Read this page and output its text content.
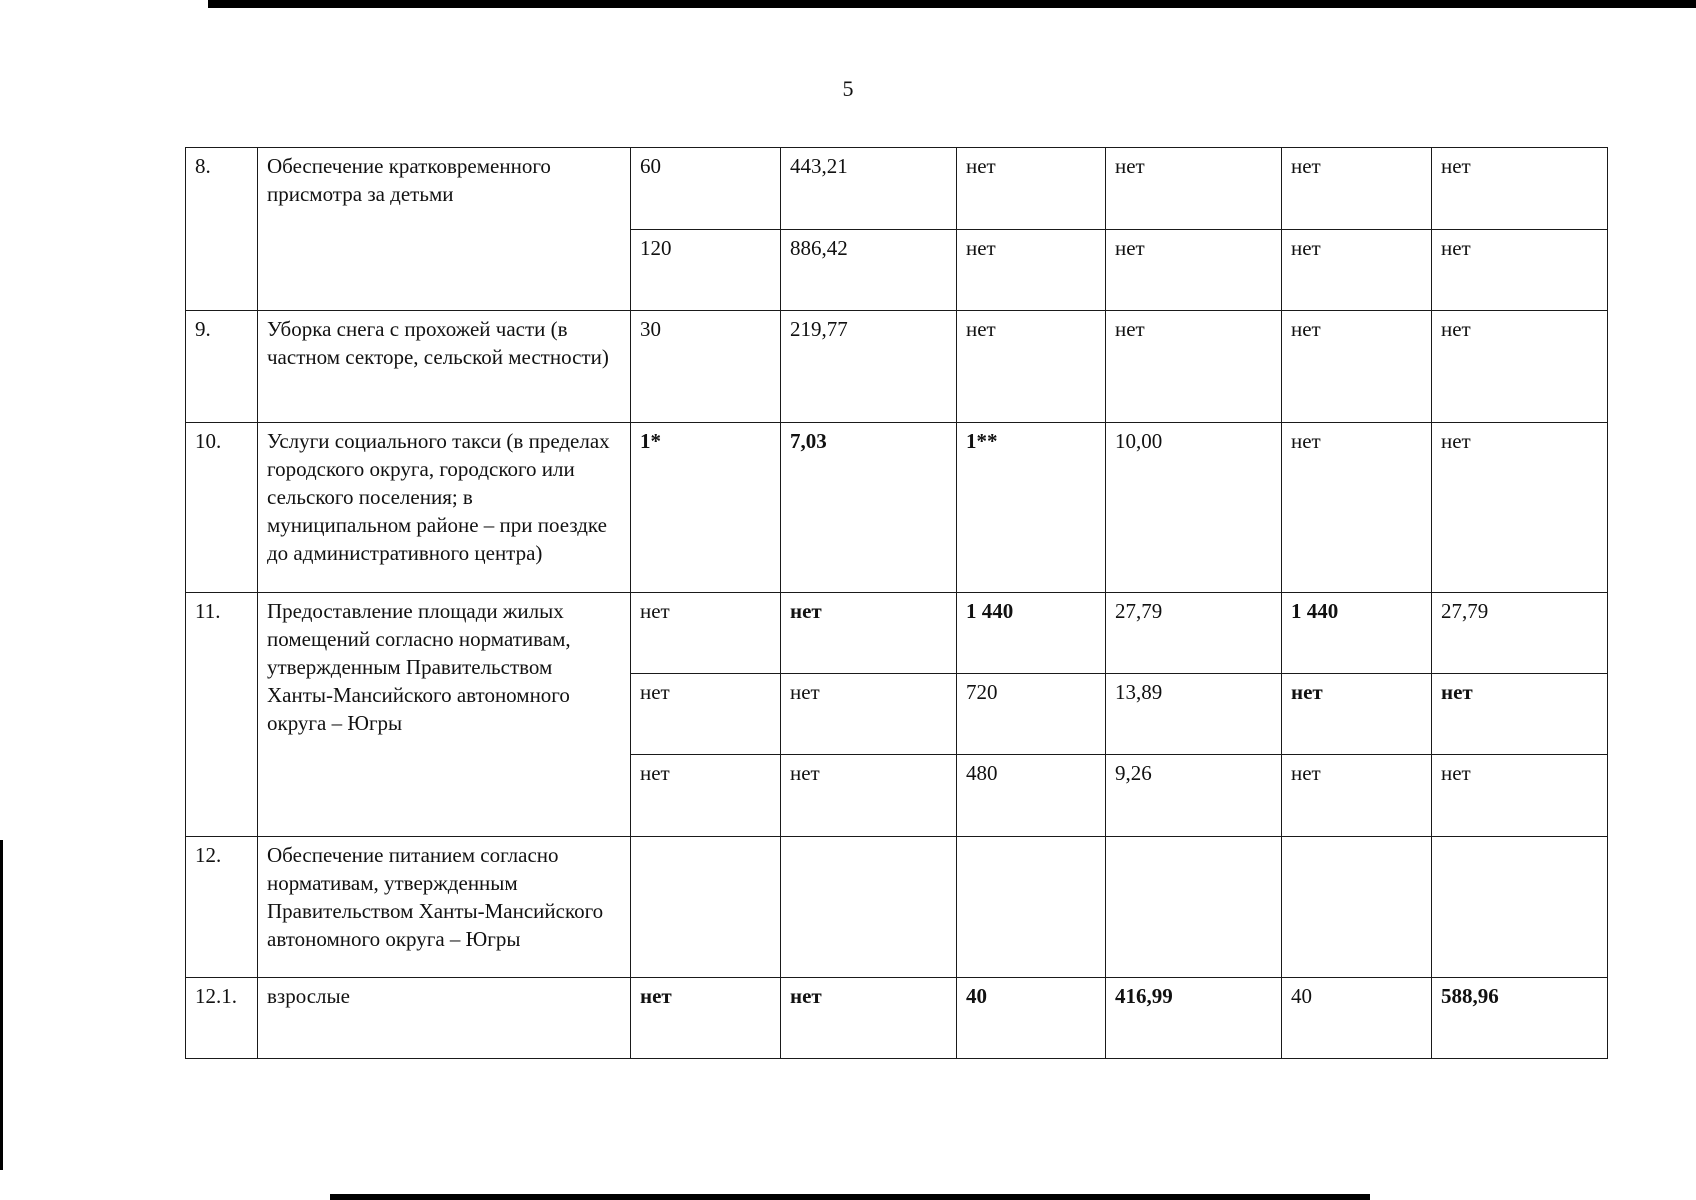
5
8.	Обеспечение кратковременного присмотра за детьми	60	443,21	нет	нет	нет	нет
		120	886,42	нет	нет	нет	нет
9.	Уборка снега с прохожей части (в частном секторе, сельской местности)	30	219,77	нет	нет	нет	нет
10.	Услуги социального такси (в пределах городского округа, городского или сельского поселения; в муниципальном районе – при поездке до административного центра)	1*	7,03	1**	10,00	нет	нет
11.	Предоставление площади жилых помещений согласно нормативам, утвержденным Правительством Ханты-Мансийского автономного округа – Югры	нет	нет	1 440	27,79	1 440	27,79
		нет	нет	720	13,89	нет	нет
		нет	нет	480	9,26	нет	нет
12.	Обеспечение питанием согласно нормативам, утвержденным Правительством Ханты-Мансийского автономного округа – Югры						
12.1.	взрослые	нет	нет	40	416,99	40	588,96
